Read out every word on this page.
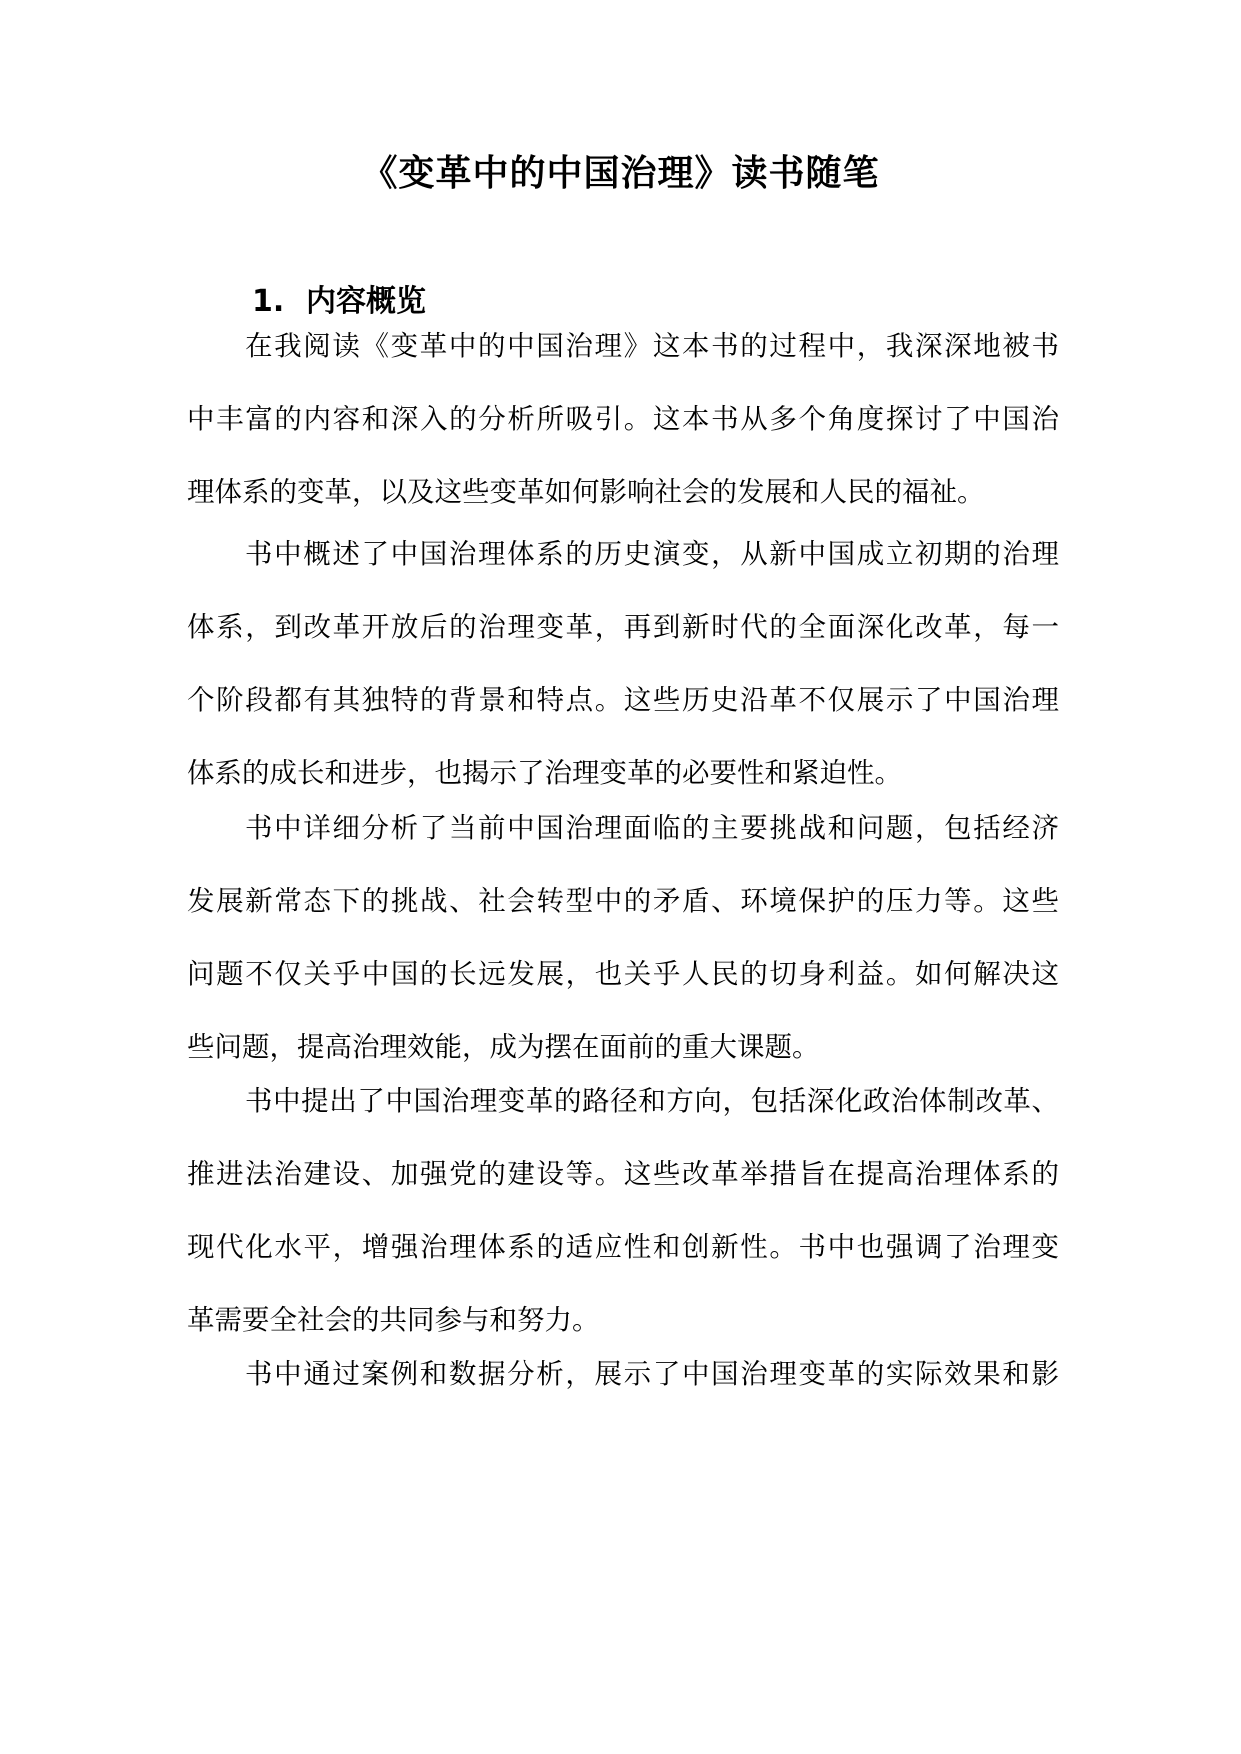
《变革中的中国治理》读书随笔
1. 内容概览
在我阅读《变革中的中国治理》这本书的过程中，我深深地被书
中丰富的内容和深入的分析所吸引。这本书从多个角度探讨了中国治
理体系的变革，以及这些变革如何影响社会的发展和人民的福祉。
书中概述了中国治理体系的历史演变，从新中国成立初期的治理
体系，到改革开放后的治理变革，再到新时代的全面深化改革，每一
个阶段都有其独特的背景和特点。这些历史沿革不仅展示了中国治理
体系的成长和进步，也揭示了治理变革的必要性和紧迫性。
书中详细分析了当前中国治理面临的主要挑战和问题，包括经济
发展新常态下的挑战、社会转型中的矛盾、环境保护的压力等。这些
问题不仅关乎中国的长远发展，也关乎人民的切身利益。如何解决这
些问题，提高治理效能，成为摆在面前的重大课题。
书中提出了中国治理变革的路径和方向，包括深化政治体制改革、
推进法治建设、加强党的建设等。这些改革举措旨在提高治理体系的
现代化水平，增强治理体系的适应性和创新性。书中也强调了治理变
革需要全社会的共同参与和努力。
书中通过案例和数据分析，展示了中国治理变革的实际效果和影
